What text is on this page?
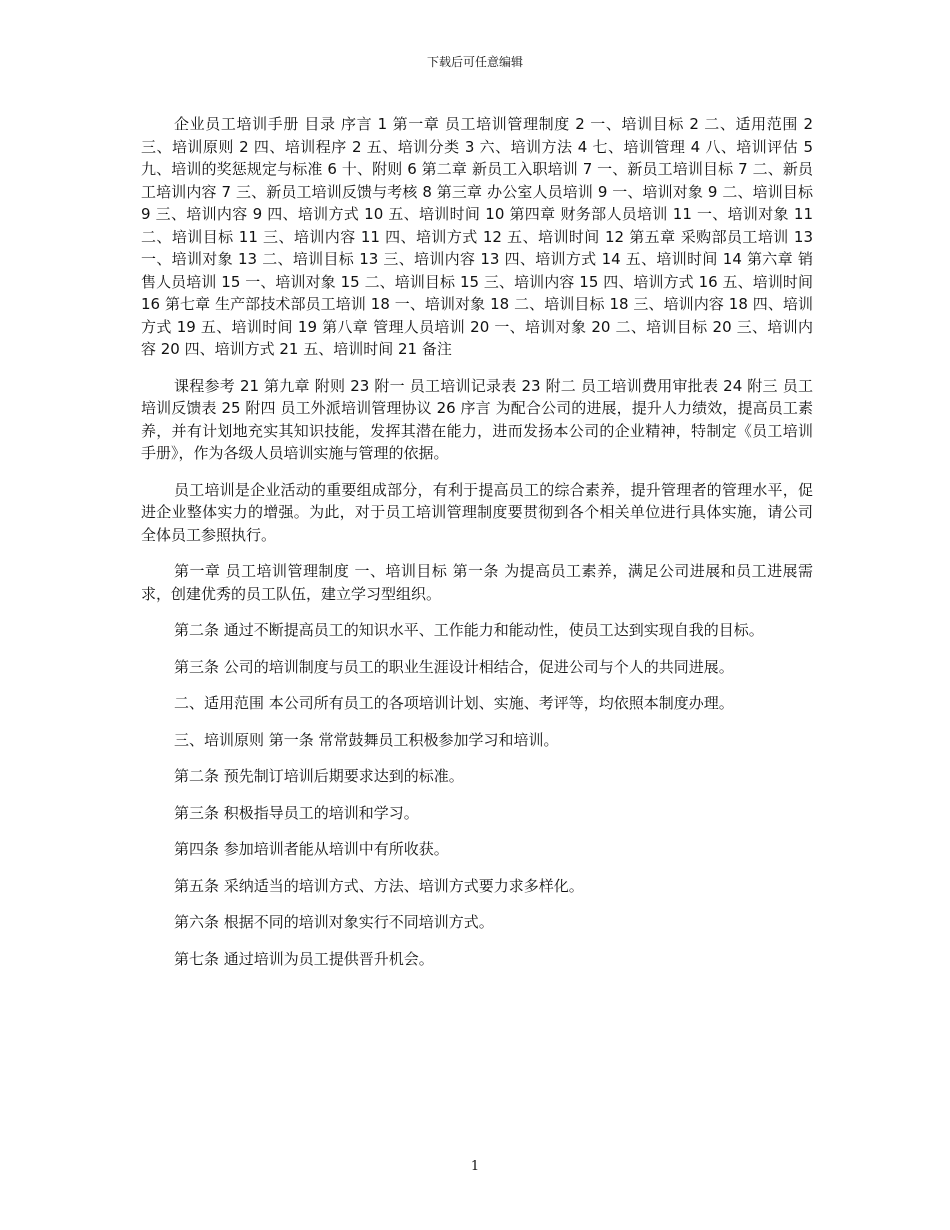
下载后可任意编辑

企业员工培训手册 目录 序言 1 第一章 员工培训管理制度 2 一、培训目标 2 二、适用范围 2 三、培训原则 2 四、培训程序 2 五、培训分类 3 六、培训方法 4 七、培训管理 4 八、培训评估 5 九、培训的奖惩规定与标准 6 十、附则 6 第二章 新员工入职培训 7 一、新员工培训目标 7 二、新员工培训内容 7 三、新员工培训反馈与考核 8 第三章 办公室人员培训 9 一、培训对象 9 二、培训目标 9 三、培训内容 9 四、培训方式 10 五、培训时间 10 第四章 财务部人员培训 11 一、培训对象 11 二、培训目标 11 三、培训内容 11 四、培训方式 12 五、培训时间 12 第五章 采购部员工培训 13 一、培训对象 13 二、培训目标 13 三、培训内容 13 四、培训方式 14 五、培训时间 14 第六章 销售人员培训 15 一、培训对象 15 二、培训目标 15 三、培训内容 15 四、培训方式 16 五、培训时间 16 第七章 生产部技术部员工培训 18 一、培训对象 18 二、培训目标 18 三、培训内容 18 四、培训方式 19 五、培训时间 19 第八章 管理人员培训 20 一、培训对象 20 二、培训目标 20 三、培训内容 20 四、培训方式 21 五、培训时间 21 备注

课程参考 21 第九章 附则 23 附一 员工培训记录表 23 附二 员工培训费用审批表 24 附三 员工培训反馈表 25 附四 员工外派培训管理协议 26 序言 为配合公司的进展，提升人力绩效，提高员工素养，并有计划地充实其知识技能，发挥其潜在能力，进而发扬本公司的企业精神，特制定《员工培训手册》，作为各级人员培训实施与管理的依据。

员工培训是企业活动的重要组成部分，有利于提高员工的综合素养，提升管理者的管理水平，促进企业整体实力的增强。为此，对于员工培训管理制度要贯彻到各个相关单位进行具体实施，请公司全体员工参照执行。

第一章 员工培训管理制度 一、培训目标 第一条 为提高员工素养，满足公司进展和员工进展需求，创建优秀的员工队伍，建立学习型组织。

第二条 通过不断提高员工的知识水平、工作能力和能动性，使员工达到实现自我的目标。

第三条 公司的培训制度与员工的职业生涯设计相结合，促进公司与个人的共同进展。

二、适用范围 本公司所有员工的各项培训计划、实施、考评等，均依照本制度办理。

三、培训原则 第一条 常常鼓舞员工积极参加学习和培训。

第二条 预先制订培训后期要求达到的标准。

第三条 积极指导员工的培训和学习。

第四条 参加培训者能从培训中有所收获。

第五条 采纳适当的培训方式、方法、培训方式要力求多样化。

第六条 根据不同的培训对象实行不同培训方式。

第七条 通过培训为员工提供晋升机会。

1
